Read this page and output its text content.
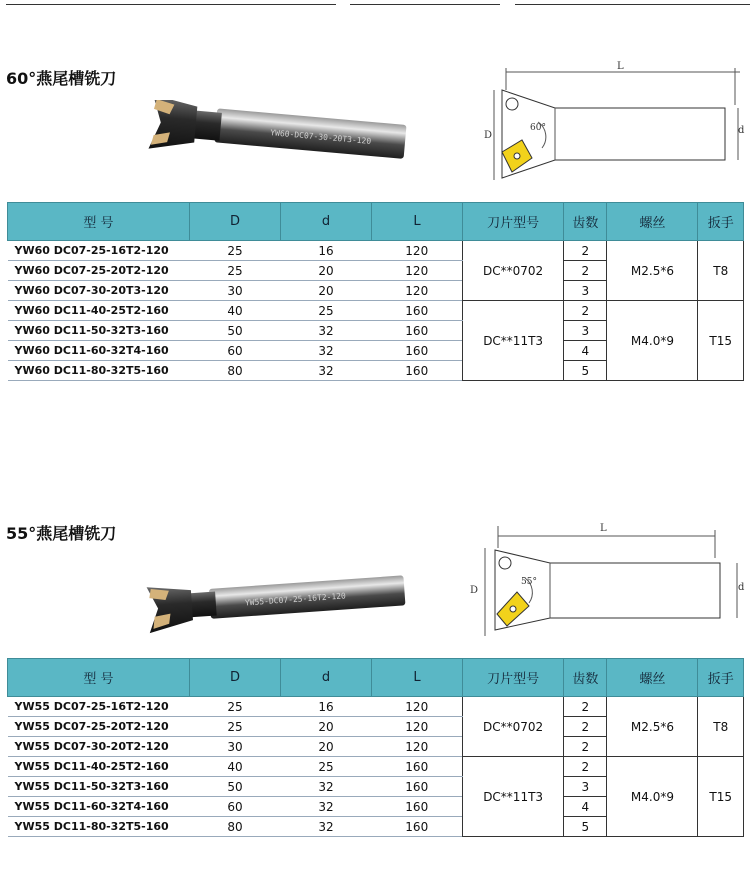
60°燕尾槽铣刀
YW60-DC07-30-20T3-120
L
D	d
60°
型 号	D	d	L	刀片型号	齿数	螺丝	扳手
YW60 DC07-25-16T2-120	25	16	120	DC**0702	2	M2.5*6	T8
YW60 DC07-25-20T2-120	25	20	120		2		
YW60 DC07-30-20T3-120	30	20	120		3		
YW60 DC11-40-25T2-160	40	25	160	DC**11T3	2	M4.0*9	T15
YW60 DC11-50-32T3-160	50	32	160		3		
YW60 DC11-60-32T4-160	60	32	160		4		
YW60 DC11-80-32T5-160	80	32	160		5		
55°燕尾槽铣刀
YW55-DC07-25-16T2-120
L
D	d
55°
型 号	D	d	L	刀片型号	齿数	螺丝	扳手
YW55 DC07-25-16T2-120	25	16	120	DC**0702	2	M2.5*6	T8
YW55 DC07-25-20T2-120	25	20	120		2		
YW55 DC07-30-20T2-120	30	20	120		2		
YW55 DC11-40-25T2-160	40	25	160	DC**11T3	2	M4.0*9	T15
YW55 DC11-50-32T3-160	50	32	160		3		
YW55 DC11-60-32T4-160	60	32	160		4		
YW55 DC11-80-32T5-160	80	32	160		5		
